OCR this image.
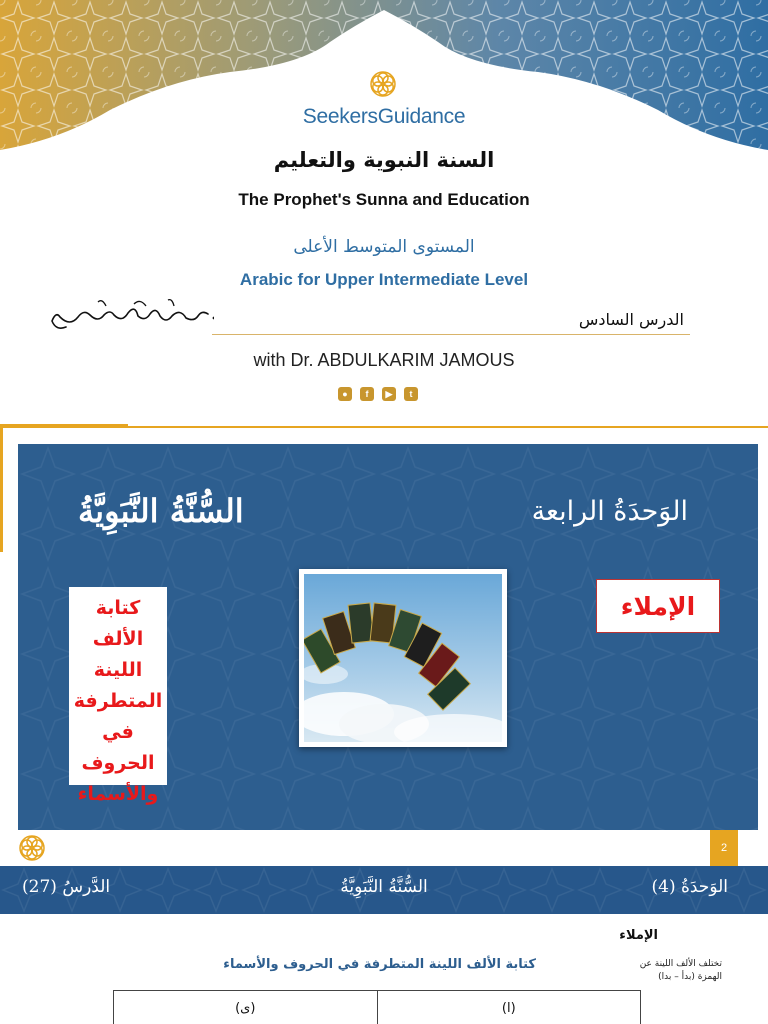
SeekersGuidance
السنة النبوية والتعليم
The Prophet's Sunna and Education
المستوى المتوسط الأعلى
Arabic for Upper Intermediate Level
الدرس السادس
with Dr. ABDULKARIM JAMOUS
●	f	▶	t
الوَحدَةُ الرابعة
السُّنَّةُ النَّبَوِيَّةُ
الإملاء
كتابة
الألف اللينة
المتطرفة في
الحروف
والأسماء
2
الوَحدَةُ (4)
السُّنَّةُ النَّبَوِيَّةُ
الدَّرسُ (27)
الإملاء
كتابة الألف اللينة المتطرفة في الحروف والأسماء	تختلف الألف اللينة عن الهمزة (بدأ – بدا)
(ى)	(ا)
